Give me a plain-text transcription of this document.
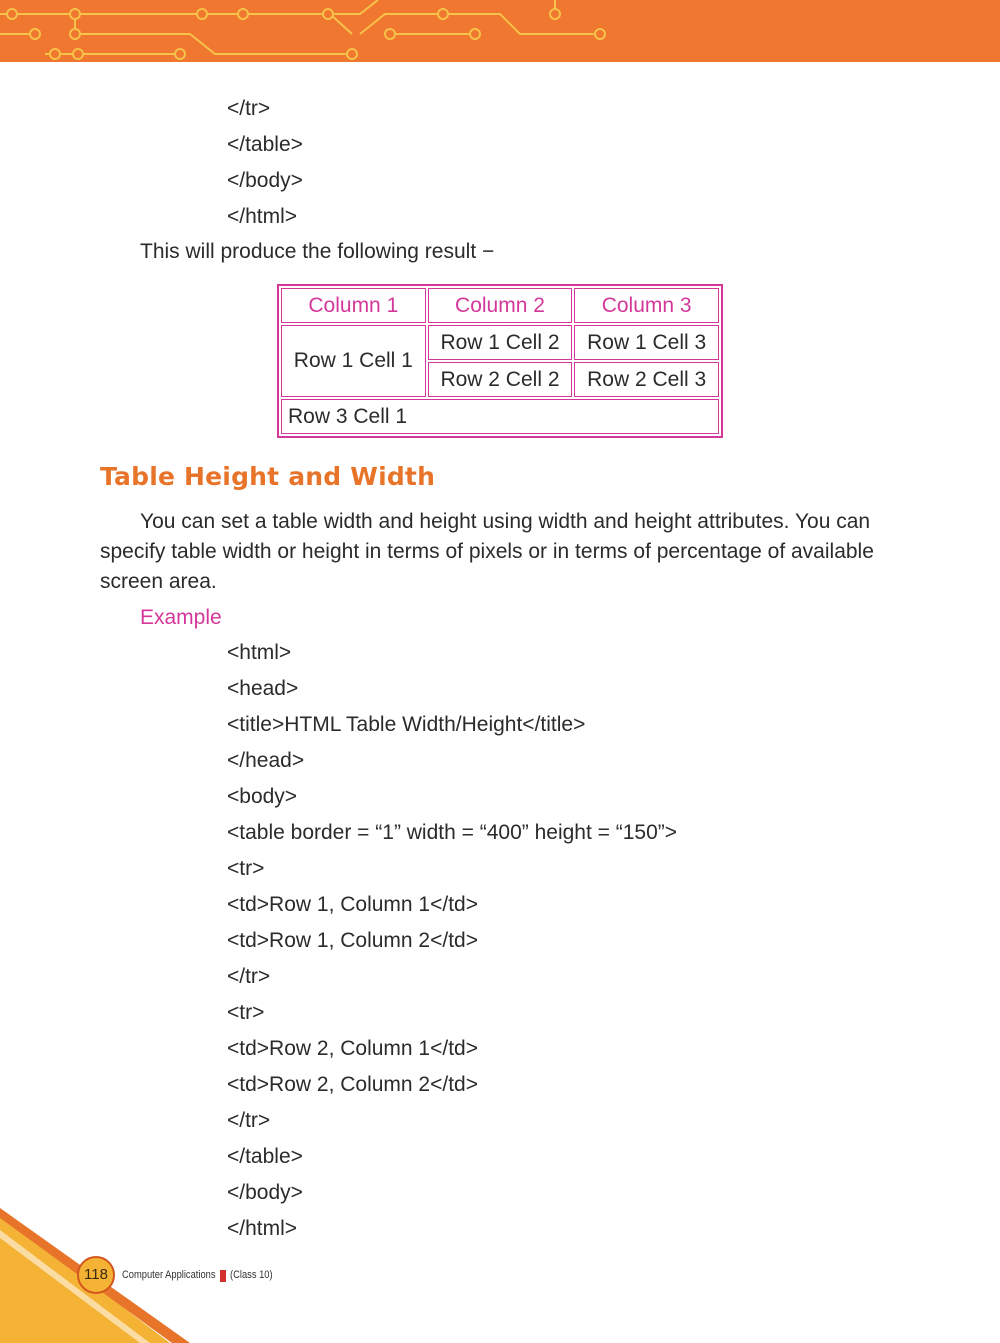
</tr>
</table>
</body>
</html>
This will produce the following result −
Column 1	Column 2	Column 3
Row 1 Cell 1	Row 1 Cell 2	Row 1 Cell 3
	Row 2 Cell 2	Row 2 Cell 3
Row 3 Cell 1		
Table Height and Width

You can set a table width and height using width and height attributes. You can specify table width or height in terms of pixels or in terms of percentage of available screen area.

Example
<html>
<head>
<title>HTML Table Width/Height</title>
</head>
<body>
<table border = “1” width = “400” height = “150”>
<tr>
<td>Row 1, Column 1</td>
<td>Row 1, Column 2</td>
</tr>
<tr>
<td>Row 2, Column 1</td>
<td>Row 2, Column 2</td>
</tr>
</table>
</body>
</html>
118	Computer Applications (Class 10)
